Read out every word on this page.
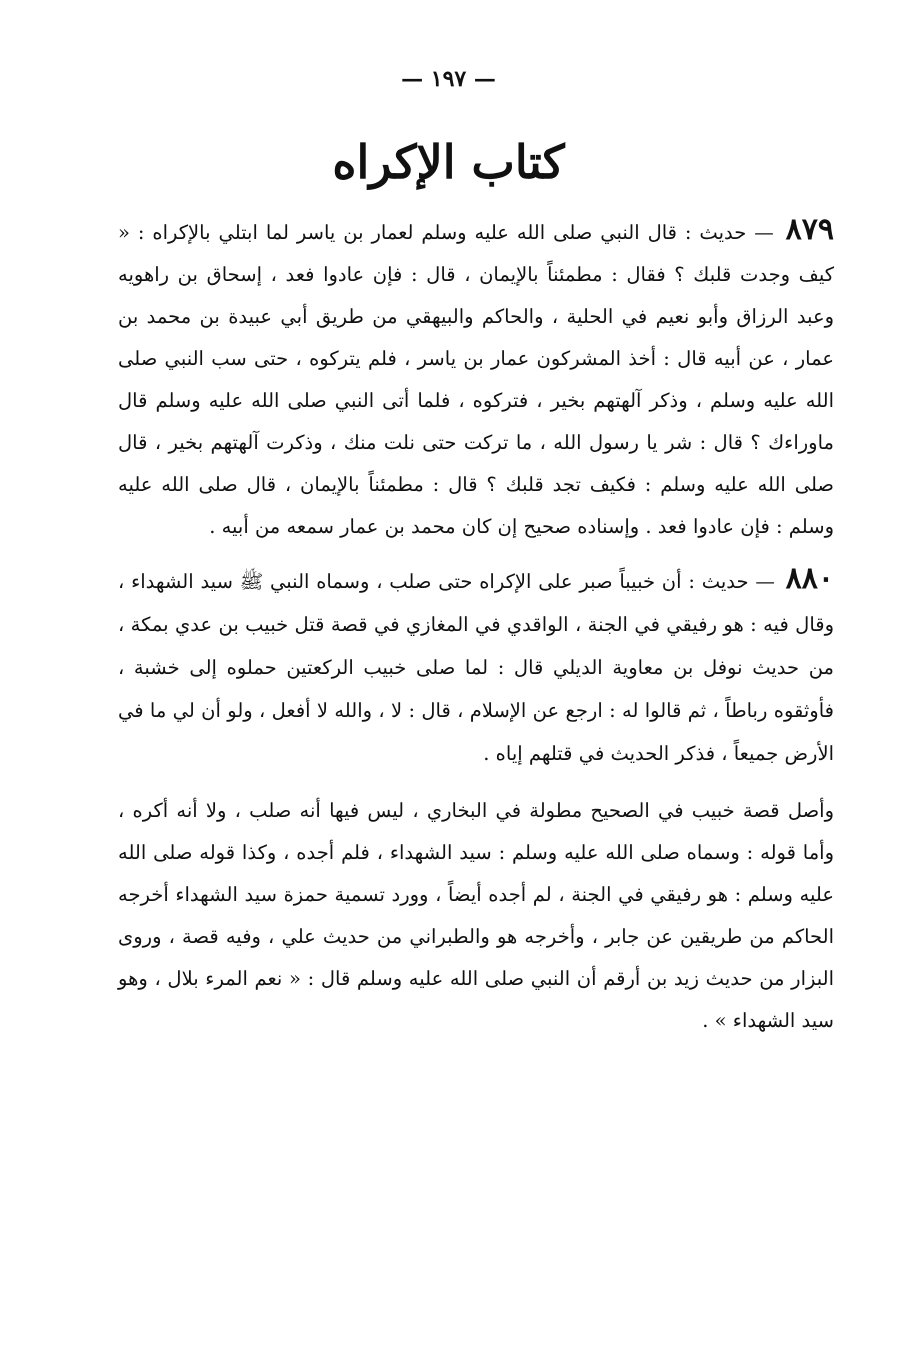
— ١٩٧ —
كتاب الإكراه

٨٧٩ — حديث : قال النبي صلى الله عليه وسلم لعمار بن ياسر لما ابتلي بالإكراه : « كيف وجدت قلبك ؟ فقال : مطمئناً بالإيمان ، قال : فإن عادوا فعد ، إسحاق بن راهويه وعبد الرزاق وأبو نعيم في الحلية ، والحاكم والبيهقي من طريق أبي عبيدة بن محمد بن عمار ، عن أبيه قال : أخذ المشركون عمار بن ياسر ، فلم يتركوه ، حتى سب النبي صلى الله عليه وسلم ، وذكر آلهتهم بخير ، فتركوه ، فلما أتى النبي صلى الله عليه وسلم قال ماوراءك ؟ قال : شر يا رسول الله ، ما تركت حتى نلت منك ، وذكرت آلهتهم بخير ، قال صلى الله عليه وسلم : فكيف تجد قلبك ؟ قال : مطمئناً بالإيمان ، قال صلى الله عليه وسلم : فإن عادوا فعد . وإسناده صحيح إن كان محمد بن عمار سمعه من أبيه .

٨٨٠ — حديث : أن خبيباً صبر على الإكراه حتى صلب ، وسماه النبي ﷺ سيد الشهداء ، وقال فيه : هو رفيقي في الجنة ، الواقدي في المغازي في قصة قتل خبيب بن عدي بمكة ، من حديث نوفل بن معاوية الديلي قال : لما صلى خبيب الركعتين حملوه إلى خشبة ، فأوثقوه رباطاً ، ثم قالوا له : ارجع عن الإسلام ، قال : لا ، والله لا أفعل ، ولو أن لي ما في الأرض جميعاً ، فذكر الحديث في قتلهم إياه .

وأصل قصة خبيب في الصحيح مطولة في البخاري ، ليس فيها أنه صلب ، ولا أنه أكره ، وأما قوله : وسماه صلى الله عليه وسلم : سيد الشهداء ، فلم أجده ، وكذا قوله صلى الله عليه وسلم : هو رفيقي في الجنة ، لم أجده أيضاً ، وورد تسمية حمزة سيد الشهداء أخرجه الحاكم من طريقين عن جابر ، وأخرجه هو والطبراني من حديث علي ، وفيه قصة ، وروى البزار من حديث زيد بن أرقم أن النبي صلى الله عليه وسلم قال : « نعم المرء بلال ، وهو سيد الشهداء » .
